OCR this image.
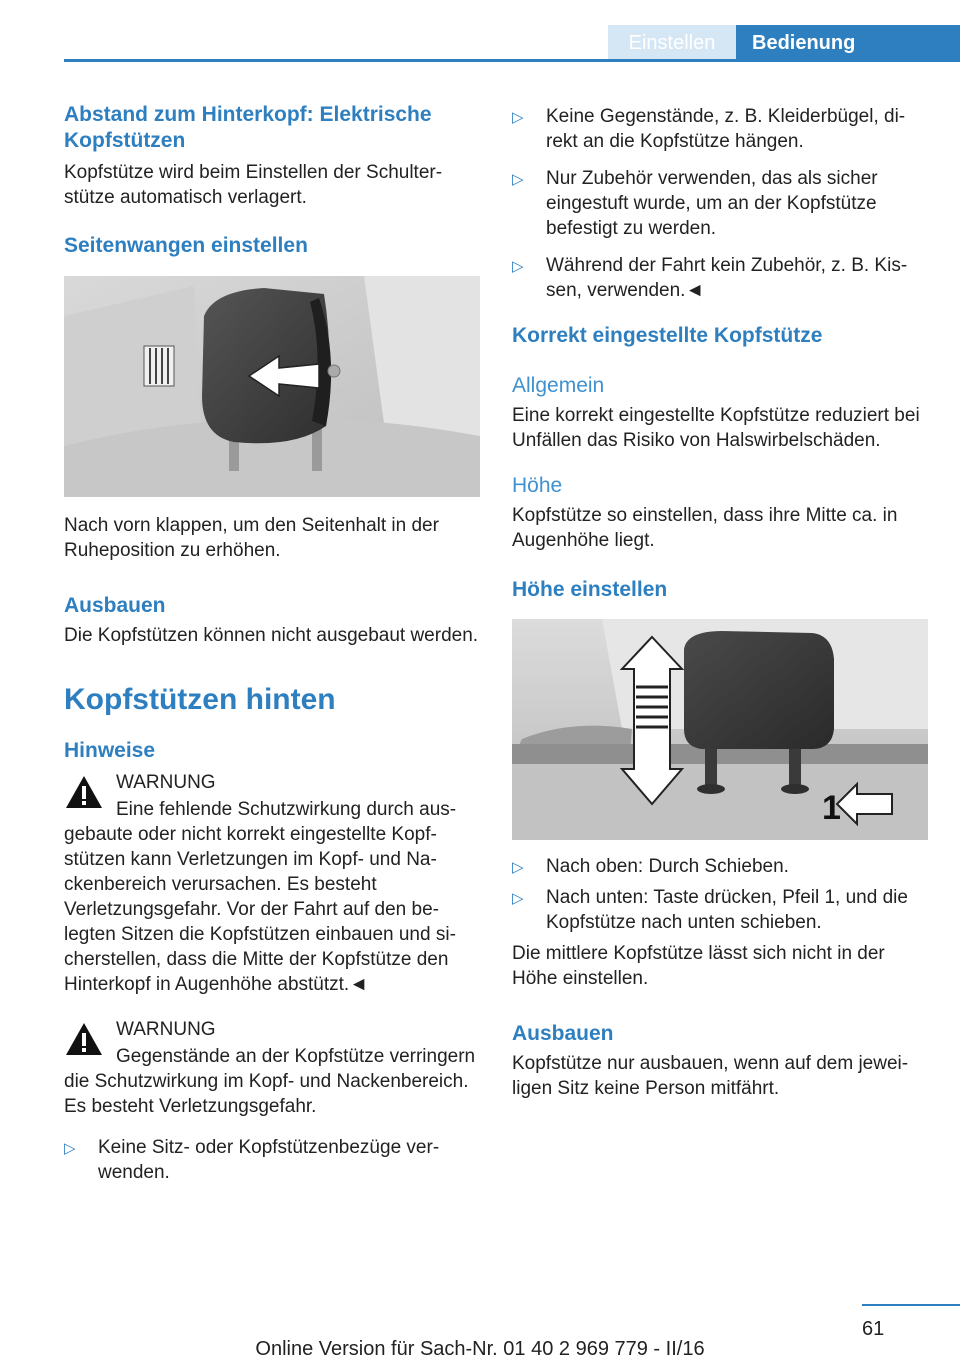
Einstellen	Bedienung
Abstand zum Hinterkopf: Elektrische Kopfstützen

Kopfstütze wird beim Einstellen der Schulterstütze automatisch verlagert.

Seitenwangen einstellen

Nach vorn klappen, um den Seitenhalt in der Ruheposition zu erhöhen.

Ausbauen

Die Kopfstützen können nicht ausgebaut werden.

Kopfstützen hinten
Hinweise
WARNUNG

Eine fehlende Schutzwirkung durch ausgebaute oder nicht korrekt eingestellte Kopfstützen kann Verletzungen im Kopf- und Nackenbereich verursachen. Es besteht Verletzungsgefahr. Vor der Fahrt auf den belegten Sitzen die Kopfstützen einbauen und sicherstellen, dass die Mitte der Kopfstütze den Hinterkopf in Augenhöhe abstützt.◄

WARNUNG

Gegenstände an der Kopfstütze verringern die Schutzwirkung im Kopf- und Nackenbereich. Es besteht Verletzungsgefahr.

▷ Keine Sitz- oder Kopfstützenbezüge verwenden.
▷ Keine Gegenstände, z. B. Kleiderbügel, direkt an die Kopfstütze hängen.
▷ Nur Zubehör verwenden, das als sicher eingestuft wurde, um an der Kopfstütze befestigt zu werden.
▷ Während der Fahrt kein Zubehör, z. B. Kissen, verwenden.◄
Korrekt eingestellte Kopfstütze
Allgemein

Eine korrekt eingestellte Kopfstütze reduziert bei Unfällen das Risiko von Halswirbelschäden.

Höhe

Kopfstütze so einstellen, dass ihre Mitte ca. in Augenhöhe liegt.

Höhe einstellen
1
▷ Nach oben: Durch Schieben.
▷ Nach unten: Taste drücken, Pfeil 1, und die Kopfstütze nach unten schieben.

Die mittlere Kopfstütze lässt sich nicht in der Höhe einstellen.

Ausbauen

Kopfstütze nur ausbauen, wenn auf dem jeweiligen Sitz keine Person mitfährt.

61
Online Version für Sach-Nr. 01 40 2 969 779 - II/16
